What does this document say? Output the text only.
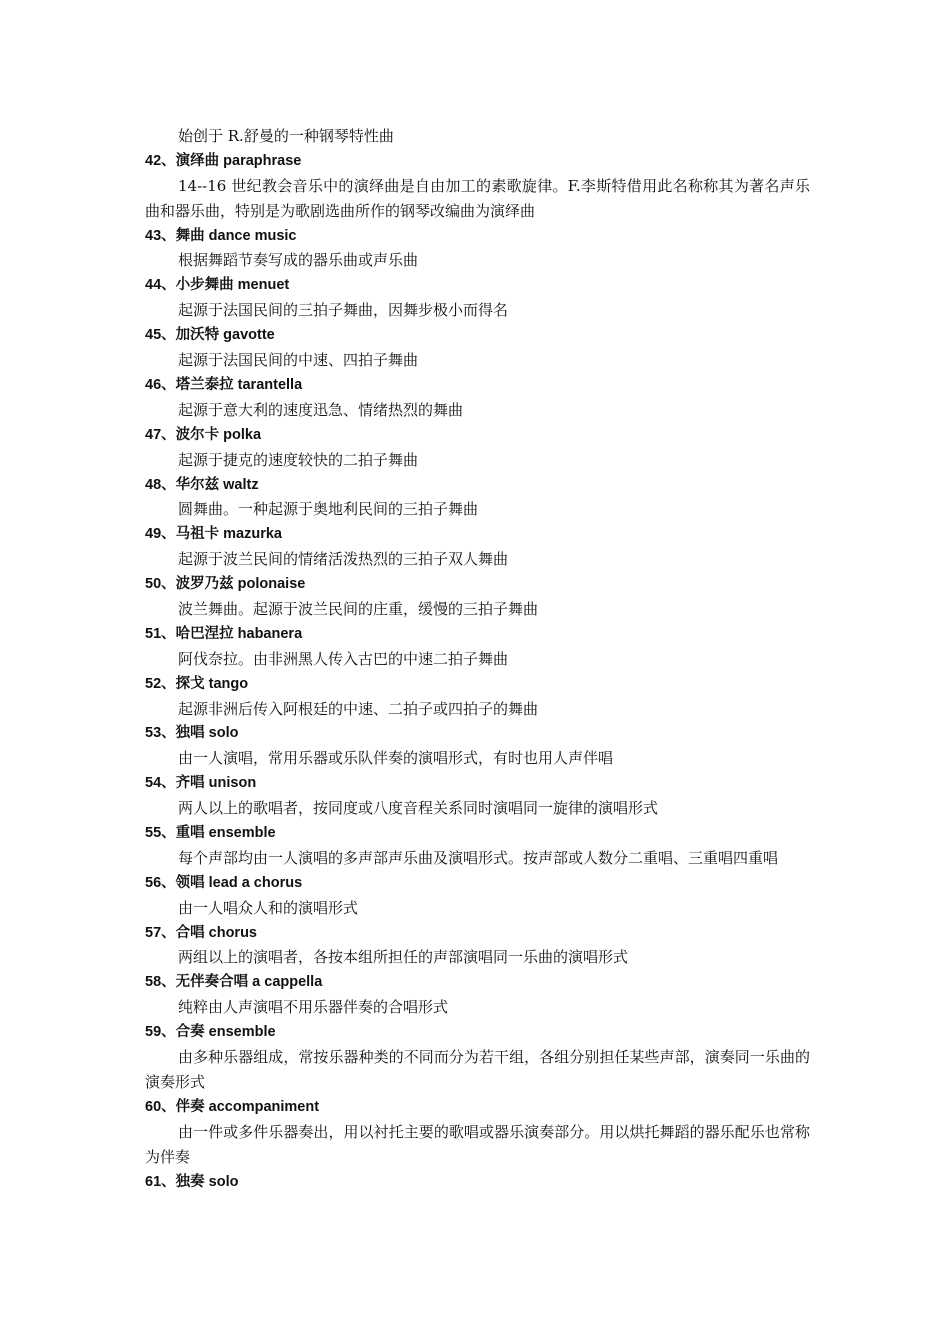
始创于 R.舒曼的一种钢琴特性曲
42、演绎曲 paraphrase
14--16 世纪教会音乐中的演绎曲是自由加工的素歌旋律。F.李斯特借用此名称称其为著名声乐曲和器乐曲，特别是为歌剧选曲所作的钢琴改编曲为演绎曲
43、舞曲 dance music
根据舞蹈节奏写成的器乐曲或声乐曲
44、小步舞曲 menuet
起源于法国民间的三拍子舞曲，因舞步极小而得名
45、加沃特 gavotte
起源于法国民间的中速、四拍子舞曲
46、塔兰泰拉 tarantella
起源于意大利的速度迅急、情绪热烈的舞曲
47、波尔卡 polka
起源于捷克的速度较快的二拍子舞曲
48、华尔兹 waltz
圆舞曲。一种起源于奥地利民间的三拍子舞曲
49、马祖卡 mazurka
起源于波兰民间的情绪活泼热烈的三拍子双人舞曲
50、波罗乃兹 polonaise
波兰舞曲。起源于波兰民间的庄重，缓慢的三拍子舞曲
51、哈巴涅拉 habanera
阿伐奈拉。由非洲黑人传入古巴的中速二拍子舞曲
52、探戈 tango
起源非洲后传入阿根廷的中速、二拍子或四拍子的舞曲
53、独唱 solo
由一人演唱，常用乐器或乐队伴奏的演唱形式，有时也用人声伴唱
54、齐唱 unison
两人以上的歌唱者，按同度或八度音程关系同时演唱同一旋律的演唱形式
55、重唱 ensemble
每个声部均由一人演唱的多声部声乐曲及演唱形式。按声部或人数分二重唱、三重唱四重唱
56、领唱 lead a chorus
由一人唱众人和的演唱形式
57、合唱 chorus
两组以上的演唱者，各按本组所担任的声部演唱同一乐曲的演唱形式
58、无伴奏合唱 a cappella
纯粹由人声演唱不用乐器伴奏的合唱形式
59、合奏 ensemble
由多种乐器组成，常按乐器种类的不同而分为若干组，各组分别担任某些声部，演奏同一乐曲的演奏形式
60、伴奏 accompaniment
由一件或多件乐器奏出，用以衬托主要的歌唱或器乐演奏部分。用以烘托舞蹈的器乐配乐也常称为伴奏
61、独奏 solo
